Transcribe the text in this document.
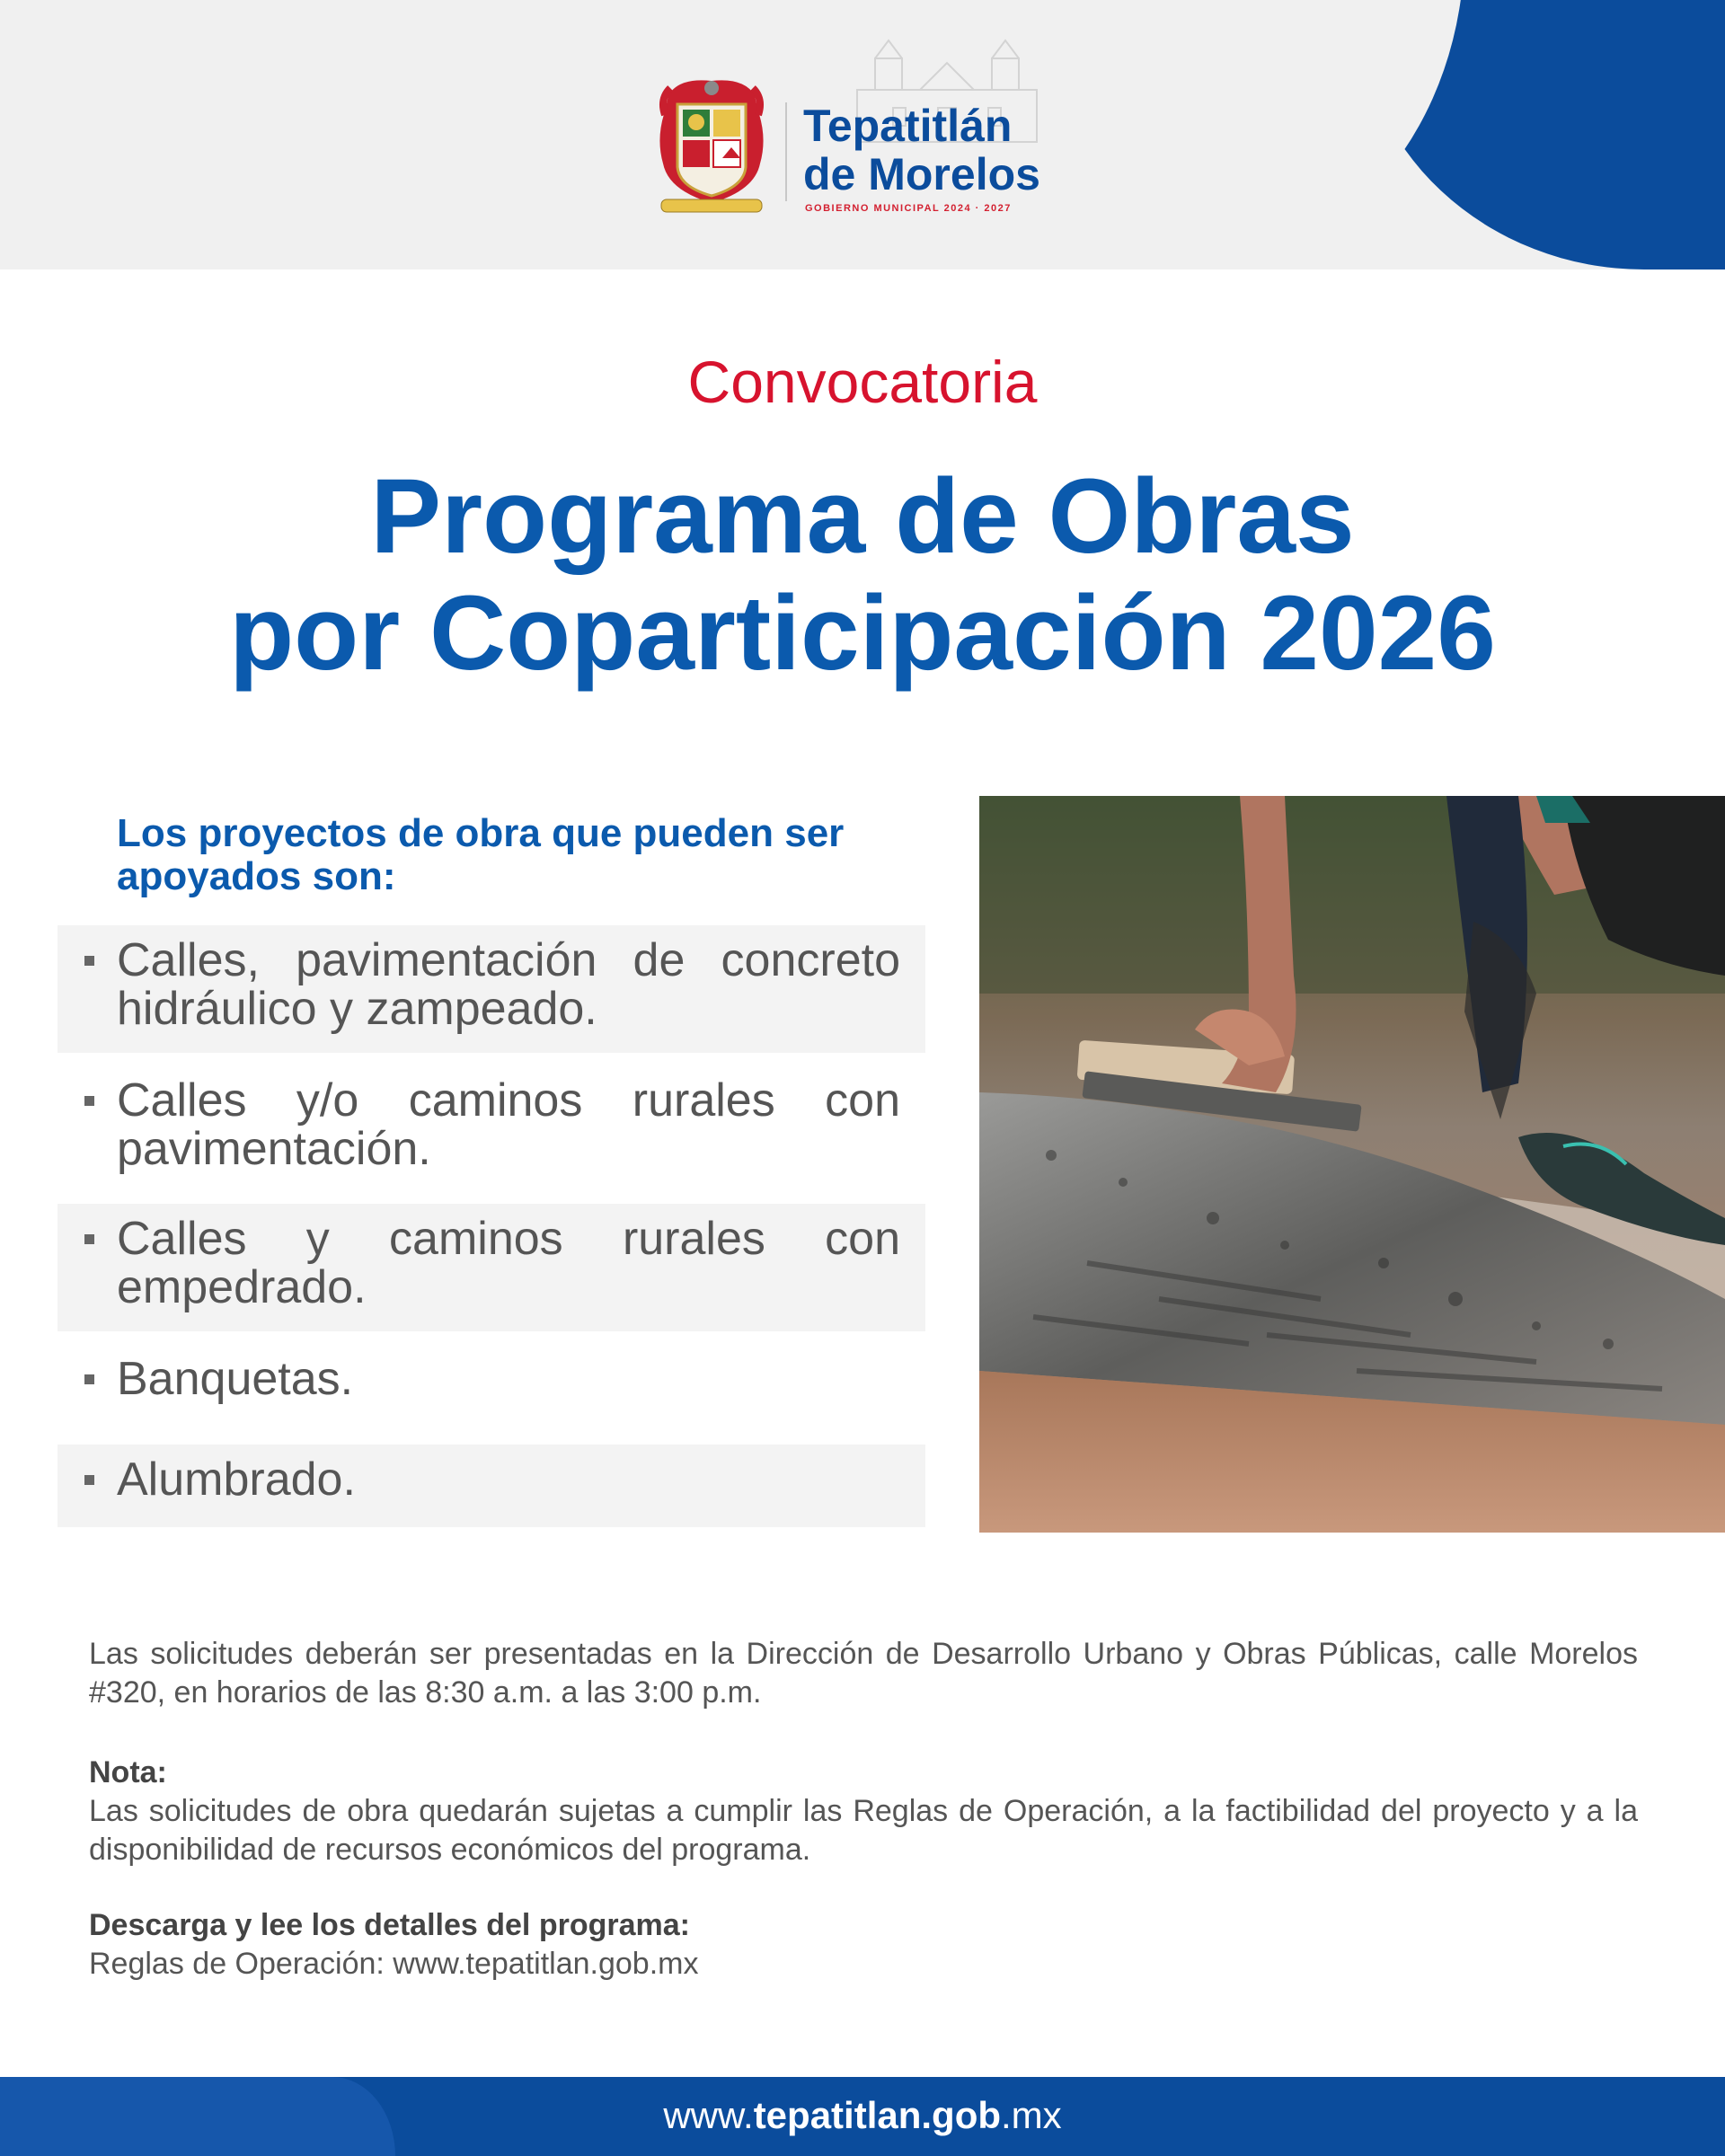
Tepatitlán
de Morelos
GOBIERNO MUNICIPAL 2024 · 2027
Convocatoria
Programa de Obras
por Coparticipación 2026
Los proyectos de obra que pueden ser apoyados son:
Calles, pavimentación de concreto hidráulico y zampeado.
Calles y/o caminos rurales con pavimentación.
Calles y caminos rurales con empedrado.
Banquetas.
Alumbrado.
Las solicitudes deberán ser presentadas en la Dirección de Desarrollo Urbano y Obras Públicas, calle Morelos #320, en horarios de las 8:30 a.m. a las 3:00 p.m.
Nota:
Las solicitudes de obra quedarán sujetas a cumplir las Reglas de Operación, a la factibilidad del proyecto y a la disponibilidad de recursos económicos del programa.
Descarga y lee los detalles del programa:
Reglas de Operación: www.tepatitlan.gob.mx
www.tepatitlan.gob.mx
